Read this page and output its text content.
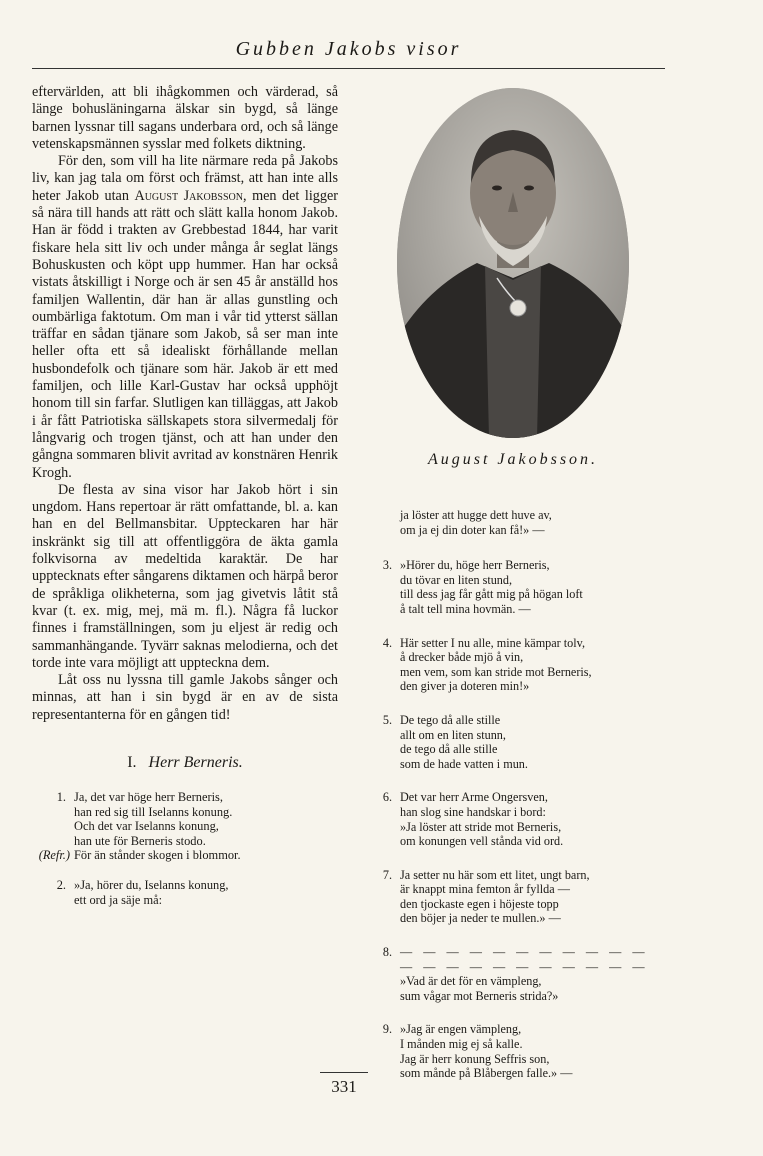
Gubben Jakobs visor

eftervärlden, att bli ihågkommen och värderad, så länge bohusläningarna älskar sin bygd, så länge barnen lyssnar till sagans underbara ord, och så länge vetenskapsmännen sysslar med folkets diktning.

För den, som vill ha lite närmare reda på Jakobs liv, kan jag tala om först och främst, att han inte alls heter Jakob utan August Jakobsson, men det ligger så nära till hands att rätt och slätt kalla honom Jakob. Han är född i trakten av Grebbestad 1844, har varit fiskare hela sitt liv och under många år seglat längs Bohuskusten och köpt upp hummer. Han har också vistats åtskilligt i Norge och är sen 45 år anställd hos familjen Wallentin, där han är allas gunstling och oumbärliga faktotum. Om man i vår tid ytterst sällan träffar en sådan tjänare som Jakob, så ser man inte heller ofta ett så idealiskt förhållande mellan husbondefolk och tjänare som här. Jakob är ett med familjen, och lille Karl-Gustav har också upphöjt honom till sin farfar. Slutligen kan tilläggas, att Jakob i år fått Patriotiska sällskapets stora silvermedalj för långvarig och trogen tjänst, och att han under den gångna sommaren blivit avritad av konstnären Henrik Krogh.

De flesta av sina visor har Jakob hört i sin ungdom. Hans repertoar är rätt omfattande, bl. a. kan han en del Bellmansbitar. Uppteckaren har här inskränkt sig till att offentliggöra de äkta gamla folkvisorna av medeltida karaktär. De har upptecknats efter sångarens diktamen och härpå beror de språkliga olikheterna, som jag givetvis låtit stå kvar (t. ex. mig, mej, mä m. fl.). Några få luckor finnes i framställningen, som ju eljest är redig och sammanhängande. Tyvärr saknas melodierna, och det torde inte vara möjligt att uppteckna dem.

Låt oss nu lyssna till gamle Jakobs sånger och minnas, att han i sin bygd är en av de sista representanterna för en gången tid!

I. Herr Berneris.
1. Ja, det var höge herr Berneris,
han red sig till Iselanns konung.
Och det var Iselanns konung,
han ute för Berneris stodo.
(Refr.) För än stånder skogen i blommor.
2. »Ja, hörer du, Iselanns konung,
ett ord ja säje må:
August Jakobsson.
ja löster att hugge dett huve av,
om ja ej din doter kan få!» —
3. »Hörer du, höge herr Berneris,
du tövar en liten stund,
till dess jag får gått mig på högan loft
å talt tell mina hovmän. —
4. Här setter I nu alle, mine kämpar tolv,
å drecker både mjö å vin,
men vem, som kan stride mot Berneris,
den giver ja doteren min!»
5. De tego då alle stille
allt om en liten stunn,
de tego då alle stille
som de hade vatten i mun.
6. Det var herr Arme Ongersven,
han slog sine handskar i bord:
»Ja löster att stride mot Berneris,
om konungen vell stånda vid ord.
7. Ja setter nu här som ett litet, ungt barn,
är knappt mina femton år fyllda —
den tjockaste egen i höjeste topp
den böjer ja neder te mullen.» —
8. — — — — — — — — — — —
— — — — — — — — — — —
»Vad är det för en vämpleng,
sum vågar mot Berneris strida?»
9. »Jag är engen vämpleng,
I månden mig ej så kalle.
Jag är herr konung Seffris son,
som månde på Blåbergen falle.» —
331
